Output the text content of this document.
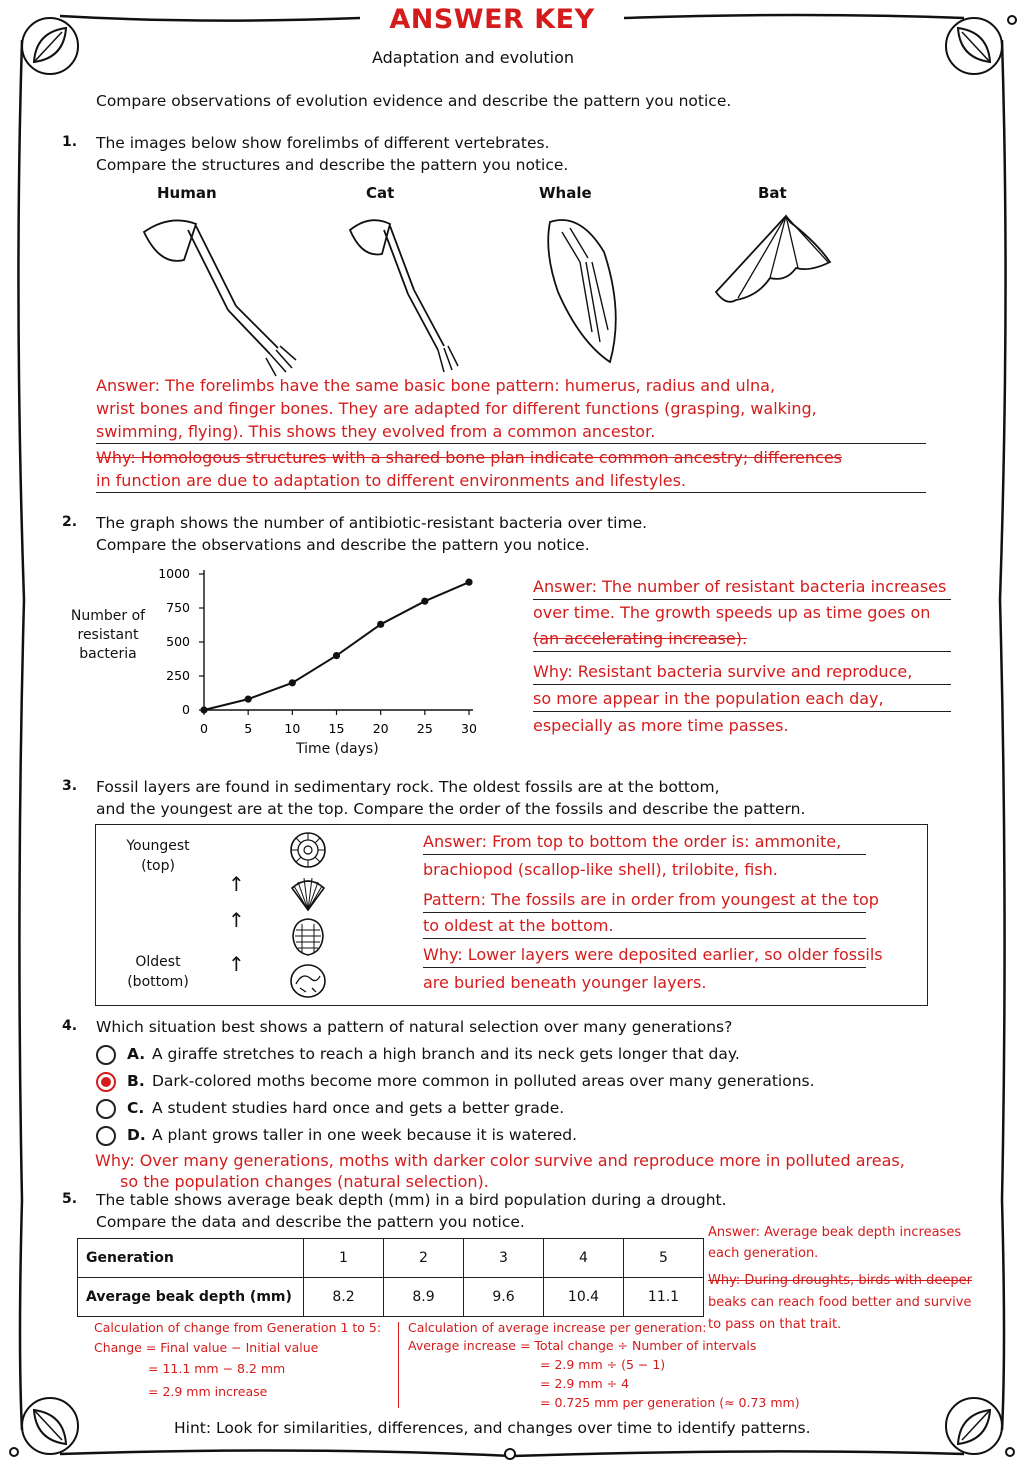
ANSWER KEY
Adaptation and evolution
Compare observations of evolution evidence and describe the pattern you notice.
1. The images below show forelimbs of different vertebrates.
Compare the structures and describe the pattern you notice.
Human	Cat	Whale	Bat
Answer: The forelimbs have the same basic bone pattern: humerus, radius and ulna,
wrist bones and finger bones. They are adapted for different functions (grasping, walking,
swimming, flying). This shows they evolved from a common ancestor.
Why: Homologous structures with a shared bone plan indicate common ancestry; differences
in function are due to adaptation to different environments and lifestyles.
2. The graph shows the number of antibiotic-resistant bacteria over time.
Compare the observations and describe the pattern you notice.
Number of
resistant
bacteria
0	5	10 15 20 25 30
0
250
500
750
1000
Time (days)
Answer: The number of resistant bacteria increases
over time. The growth speeds up as time goes on
(an accelerating increase).
Why: Resistant bacteria survive and reproduce,
so more appear in the population each day,
especially as more time passes.
3. Fossil layers are found in sedimentary rock. The oldest fossils are at the bottom,
and the youngest are at the top. Compare the order of the fossils and describe the pattern.
Youngest
(top)
Oldest
(bottom)
↑
↑
↑
Answer: From top to bottom the order is: ammonite,
brachiopod (scallop-like shell), trilobite, fish.
Pattern: The fossils are in order from youngest at the top
to oldest at the bottom.
Why: Lower layers were deposited earlier, so older fossils
are buried beneath younger layers.
4. Which situation best shows a pattern of natural selection over many generations?
A. A giraffe stretches to reach a high branch and its neck gets longer that day.
B. Dark-colored moths become more common in polluted areas over many generations.
C. A student studies hard once and gets a better grade.
D. A plant grows taller in one week because it is watered.
Why: Over many generations, moths with darker color survive and reproduce more in polluted areas,
so the population changes (natural selection).
5. The table shows average beak depth (mm) in a bird population during a drought.
Compare the data and describe the pattern you notice.
Generation	1	2	3	4	5
Average beak depth (mm)	8.2	8.9	9.6	10.4	11.1
Answer: Average beak depth increases
each generation.
Why: During droughts, birds with deeper
beaks can reach food better and survive
to pass on that trait.
Calculation of change from Generation 1 to 5:
Change = Final value − Initial value
= 11.1 mm − 8.2 mm
= 2.9 mm increase
Calculation of average increase per generation:
Average increase = Total change ÷ Number of intervals
= 2.9 mm ÷ (5 − 1)
= 2.9 mm ÷ 4
= 0.725 mm per generation (≈ 0.73 mm)
Hint: Look for similarities, differences, and changes over time to identify patterns.
